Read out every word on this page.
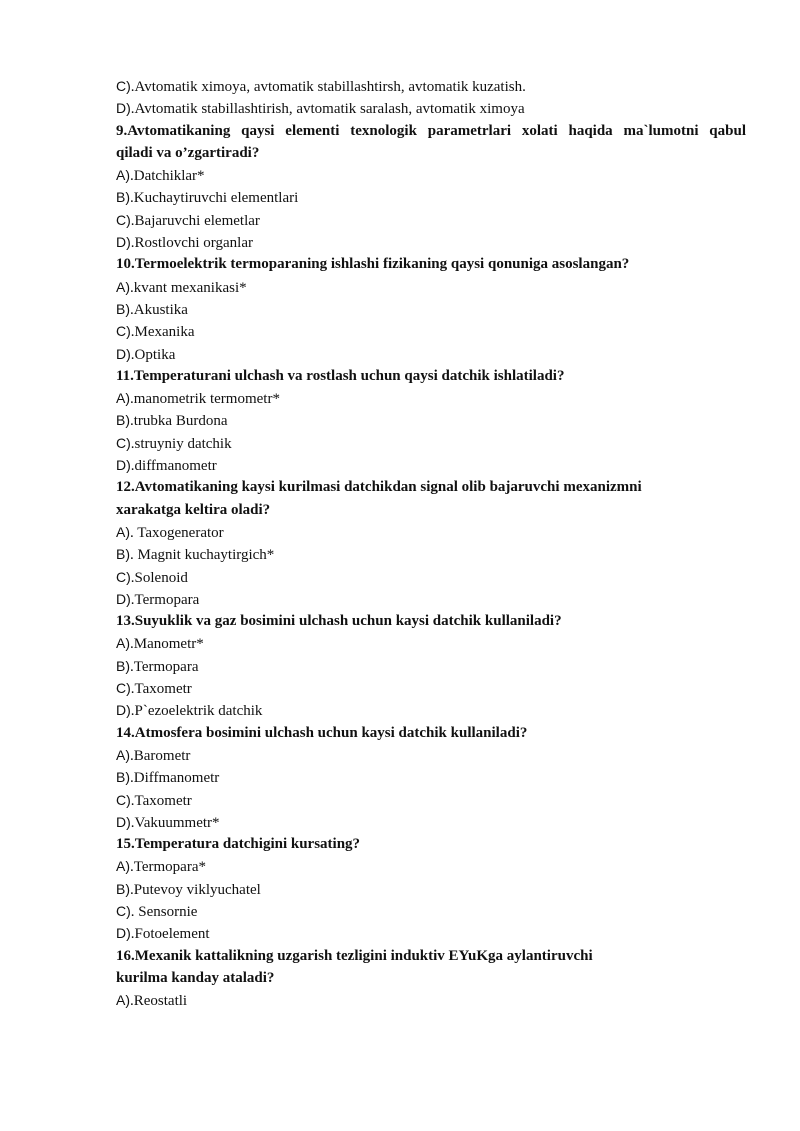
C).Avtomatik ximoya, avtomatik stabillashtirsh, avtomatik kuzatish.
D).Avtomatik stabillashtirish, avtomatik saralash, avtomatik ximoya
9.Avtomatikaning qaysi elementi texnologik parametrlari xolati haqida ma`lumotni qabul
qiladi va o’zgartiradi?
A).Datchiklar*
B).Kuchaytiruvchi elementlari
C).Bajaruvchi elemetlar
D).Rostlovchi organlar
10.Termoelektrik termoparaning ishlashi fizikaning qaysi qonuniga asoslangan?
A).kvant mexanikasi*
B).Akustika
C).Mexanika
D).Optika
11.Temperaturani ulchash va rostlash uchun qaysi datchik ishlatiladi?
A).manometrik termometr*
B).trubka Burdona
C).struyniy datchik
D).diffmanometr
12.Avtomatikaning kaysi kurilmasi datchikdan signal olib bajaruvchi mexanizmni
xarakatga keltira oladi?
A). Taxogenerator
B). Magnit kuchaytirgich*
C).Solenoid
D).Termopara
13.Suyuklik va gaz bosimini ulchash uchun kaysi datchik kullaniladi?
A).Manometr*
B).Termopara
C).Taxometr
D).P`ezoelektrik datchik
14.Atmosfera bosimini ulchash uchun kaysi datchik kullaniladi?
A).Barometr
B).Diffmanometr
C).Taxometr
D).Vakuummetr*
15.Temperatura datchigini kursating?
A).Termopara*
B).Putevoy viklyuchatel
C). Sensornie
D).Fotoelement
16.Mexanik kattalikning uzgarish tezligini induktiv EYuKga aylantiruvchi
kurilma kanday ataladi?
A).Reostatli
